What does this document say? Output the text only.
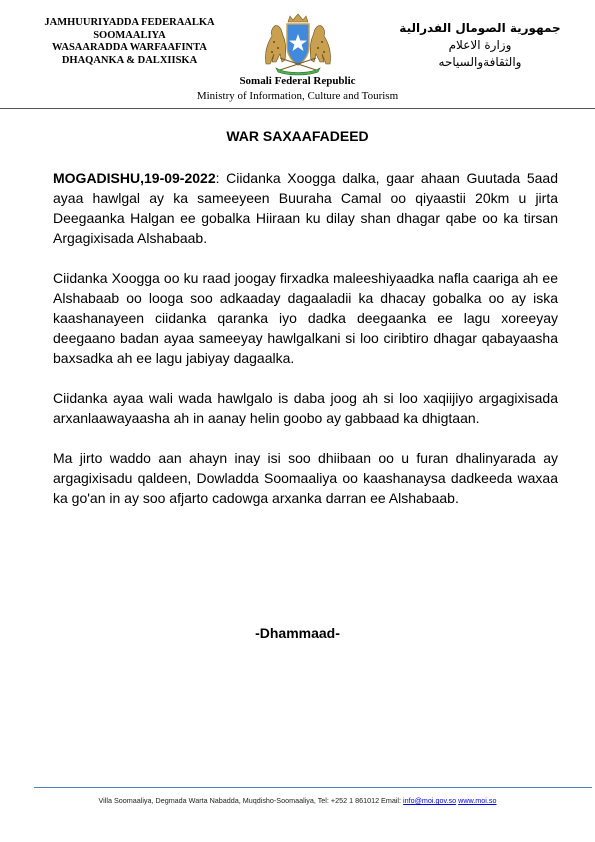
JAMHUURIYADDA FEDERAALKA
SOOMAALIYA
WASAARADDA WARFAAFINTA
DHAQANKA & DALXIISKA
جمهورية الصومال الفدرالية
وزارة الاعلام
والثقافةوالسياحه
Somali Federal Republic
Ministry of Information, Culture and Tourism
WAR SAXAAFADEED

MOGADISHU,19-09-2022: Ciidanka Xoogga dalka, gaar ahaan Guutada 5aad ayaa hawlgal ay ka sameeyeen Buuraha Camal oo qiyaastii 20km u jirta Deegaanka Halgan ee gobalka Hiiraan ku dilay shan dhagar qabe oo ka tirsan Argagixisada Alshabaab.

Ciidanka Xoogga oo ku raad joogay firxadka maleeshiyaadka nafla caariga ah ee Alshabaab oo looga soo adkaaday dagaaladii ka dhacay gobalka oo ay iska kaashanayeen ciidanka qaranka iyo dadka deegaanka ee lagu xoreeyay deegaano badan ayaa sameeyay hawlgalkani si loo ciribtiro dhagar qabayaasha baxsadka ah ee lagu jabiyay dagaalka.

Ciidanka ayaa wali wada hawlgalo is daba joog ah si loo xaqiijiyo argagixisada arxanlaawayaasha ah in aanay helin goobo ay gabbaad ka dhigtaan.

Ma jirto waddo aan ahayn inay isi soo dhiibaan oo u furan dhalinyarada ay argagixisadu qaldeen, Dowladda Soomaaliya oo kaashanaysa dadkeeda waxaa ka go'an in ay soo afjarto cadowga arxanka darran ee Alshabaab.

-Dhammaad-
Villa Soomaaliya, Degmada Warta Nabadda, Muqdisho-Soomaaliya, Tel: +252 1 861012 Email: info@moi.gov.so www.moi.so
